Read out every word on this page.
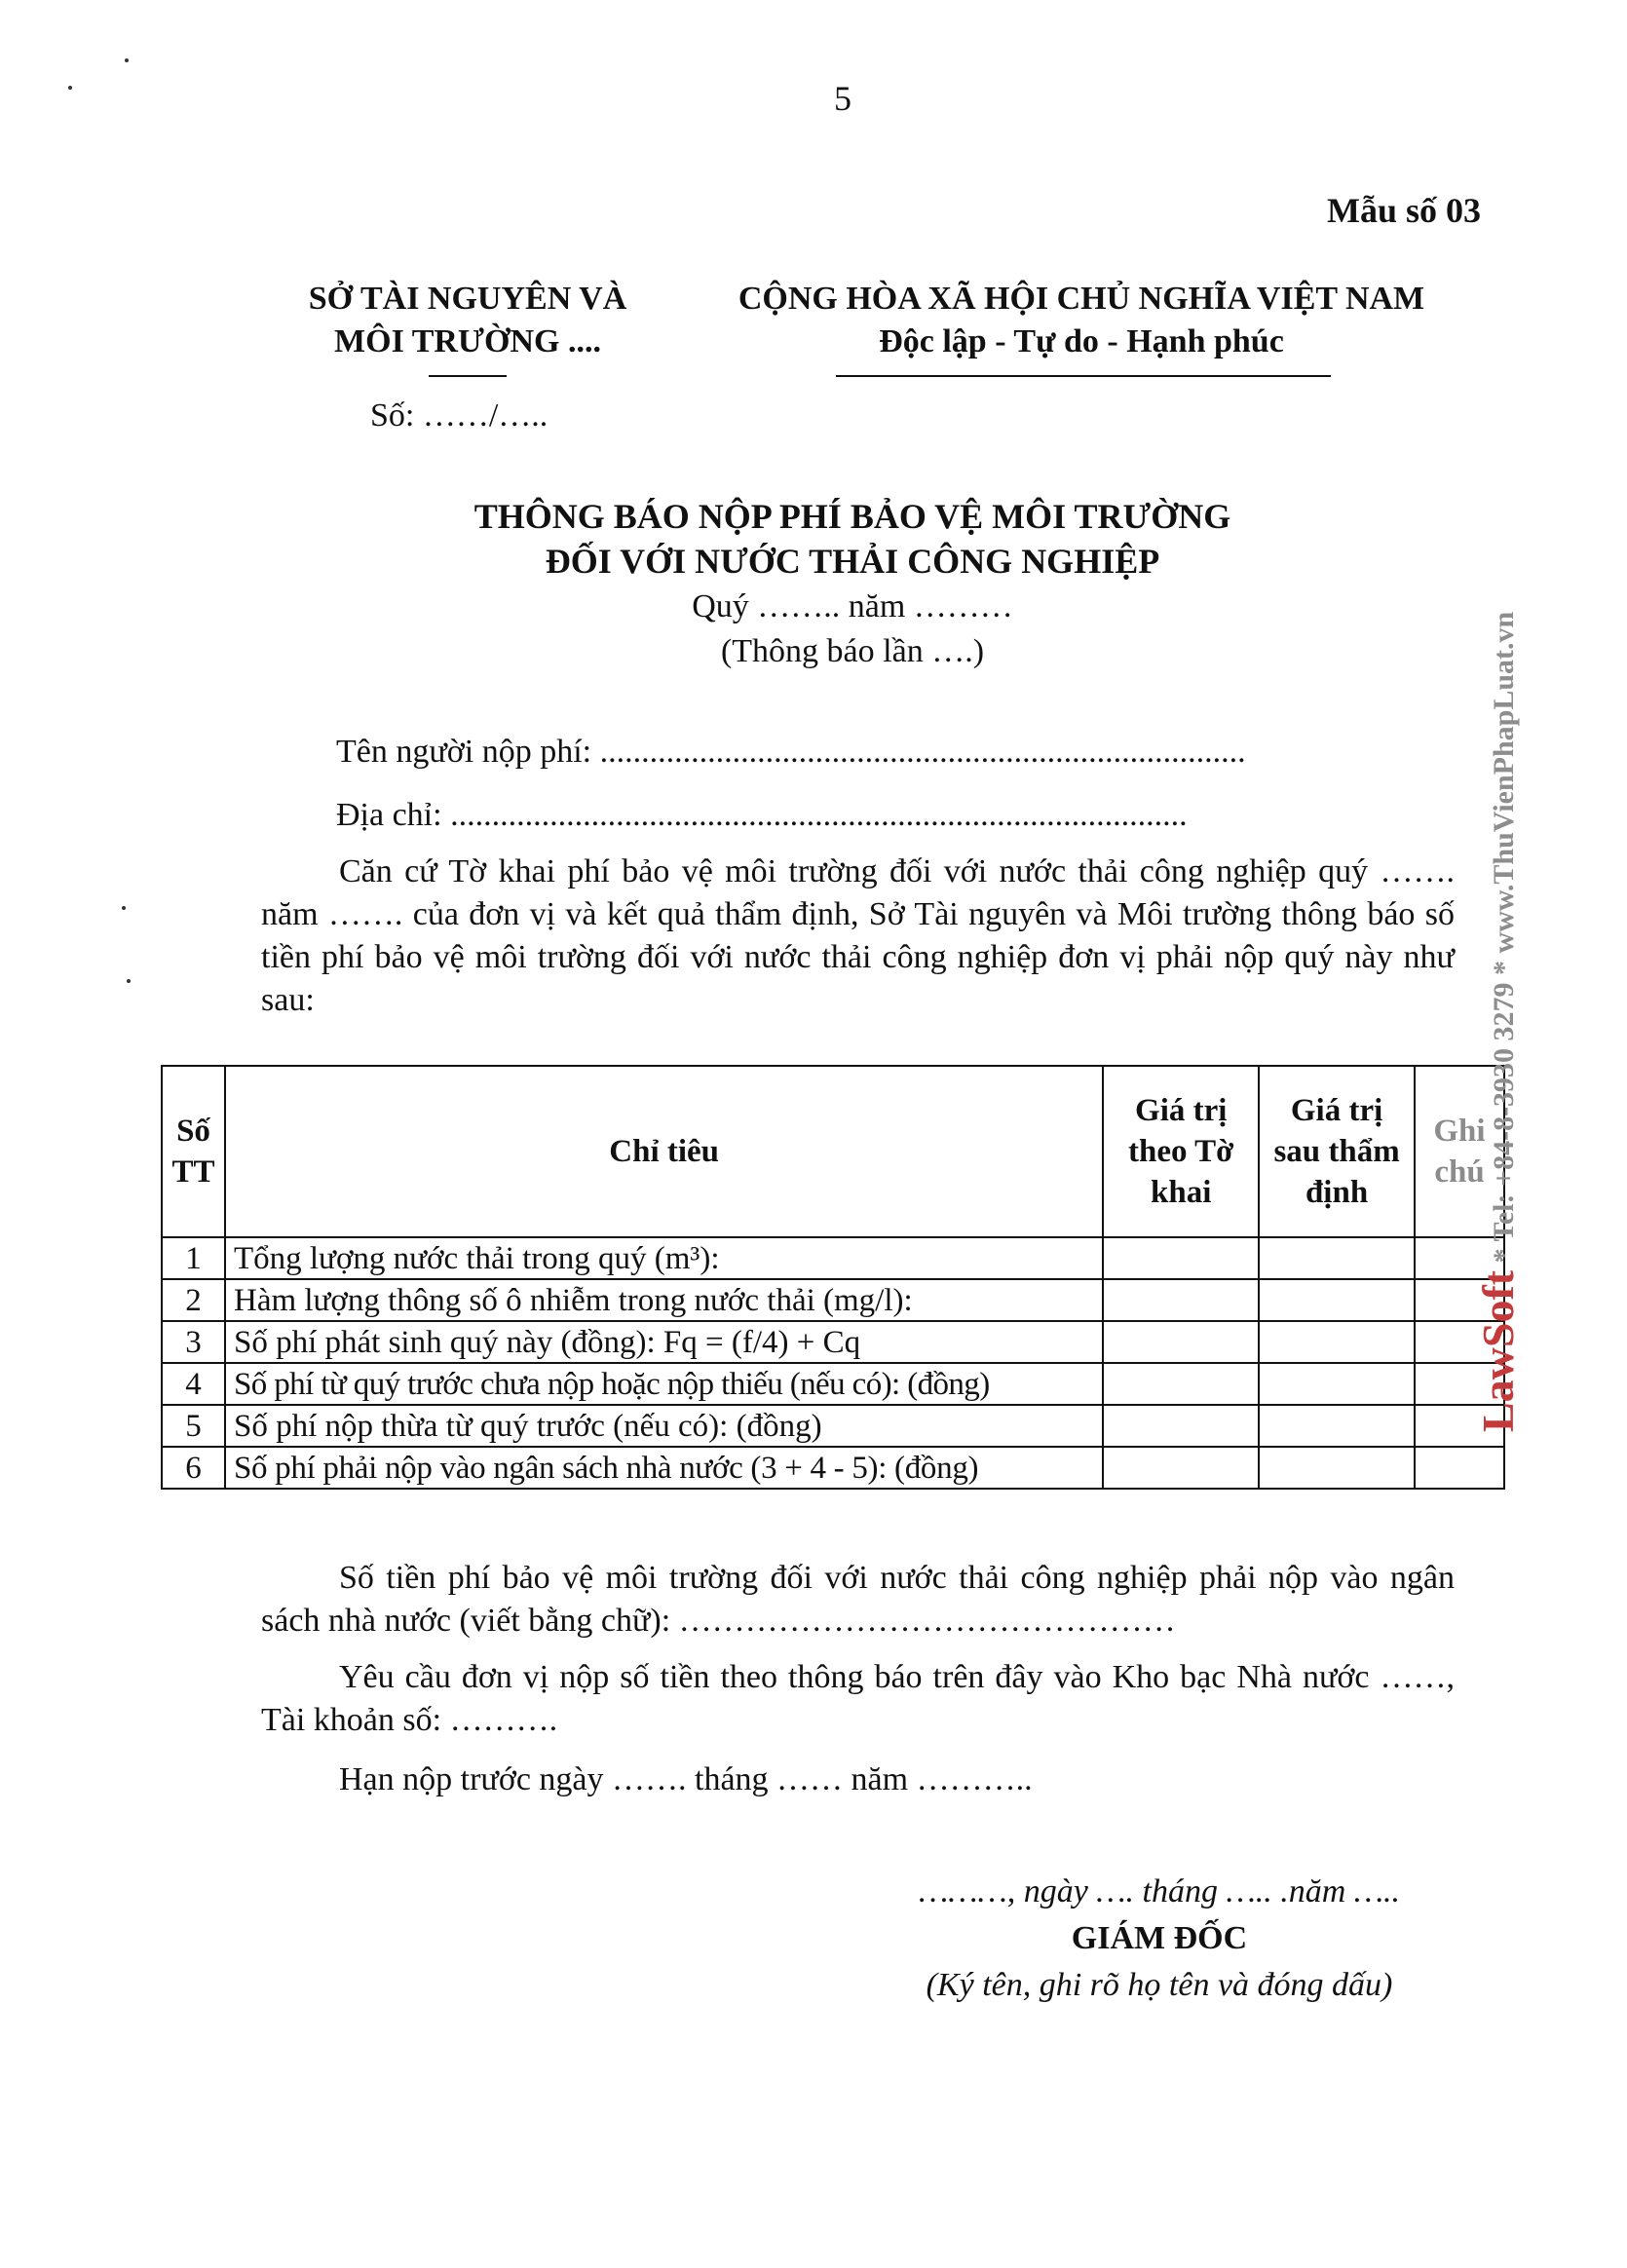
5
Mẫu số 03
SỞ TÀI NGUYÊN VÀ
MÔI TRƯỜNG ....
Số: ……/…..
CỘNG HÒA XÃ HỘI CHỦ NGHĨA VIỆT NAM
Độc lập - Tự do - Hạnh phúc
THÔNG BÁO NỘP PHÍ BẢO VỆ MÔI TRƯỜNG
ĐỐI VỚI NƯỚC THẢI CÔNG NGHIỆP
Quý …….. năm ………
(Thông báo lần ….)
Tên người nộp phí: ..............................................................................
Địa chỉ: .........................................................................................
Căn cứ Tờ khai phí bảo vệ môi trường đối với nước thải công nghiệp quý ……. năm ……. của đơn vị và kết quả thẩm định, Sở Tài nguyên và Môi trường thông báo số tiền phí bảo vệ môi trường đối với nước thải công nghiệp đơn vị phải nộp quý này như sau:
Số TT	Chỉ tiêu	Giá trị theo Tờ khai	Giá trị sau thẩm định	Ghi chú
1	Tổng lượng nước thải trong quý (m³):			
2	Hàm lượng thông số ô nhiễm trong nước thải (mg/l):			
3	Số phí phát sinh quý này (đồng): Fq = (f/4) + Cq			
4	Số phí từ quý trước chưa nộp hoặc nộp thiếu (nếu có): (đồng)			
5	Số phí nộp thừa từ quý trước (nếu có): (đồng)			
6	Số phí phải nộp vào ngân sách nhà nước (3 + 4 - 5): (đồng)			
Số tiền phí bảo vệ môi trường đối với nước thải công nghiệp phải nộp vào ngân sách nhà nước (viết bằng chữ): ………………………………………
Yêu cầu đơn vị nộp số tiền theo thông báo trên đây vào Kho bạc Nhà nước ……, Tài khoản số: ……….
Hạn nộp trước ngày ……. tháng …… năm ………..
………, ngày …. tháng ….. .năm …..
GIÁM ĐỐC
(Ký tên, ghi rõ họ tên và đóng dấu)
LawSoft * Tel: +84-8-3930 3279 * www.ThuVienPhapLuat.vn
